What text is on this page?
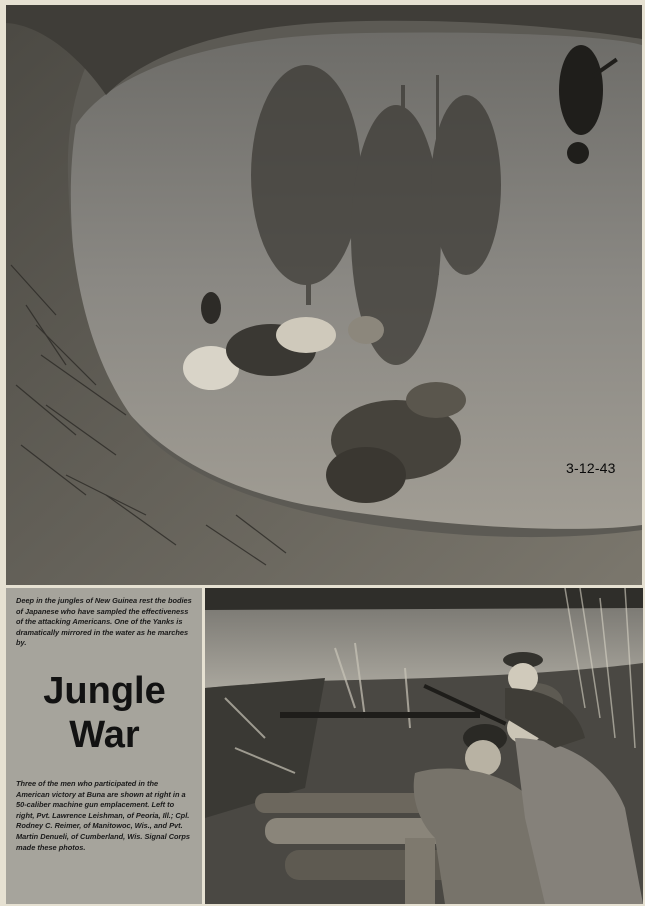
3-12-43

Deep in the jungles of New Guinea rest the bodies of Japanese who have sampled the effectiveness of the attacking Americans. One of the Yanks is dramatically mirrored in the water as he marches by.

Jungle
War

Three of the men who participated in the American victory at Buna are shown at right in a 50-caliber machine gun emplacement. Left to right, Pvt. Lawrence Leishman, of Peoria, Ill.; Cpl. Rodney C. Reimer, of Manitowoc, Wis., and Pvt. Martin Denueli, of Cumberland, Wis. Signal Corps made these photos.
